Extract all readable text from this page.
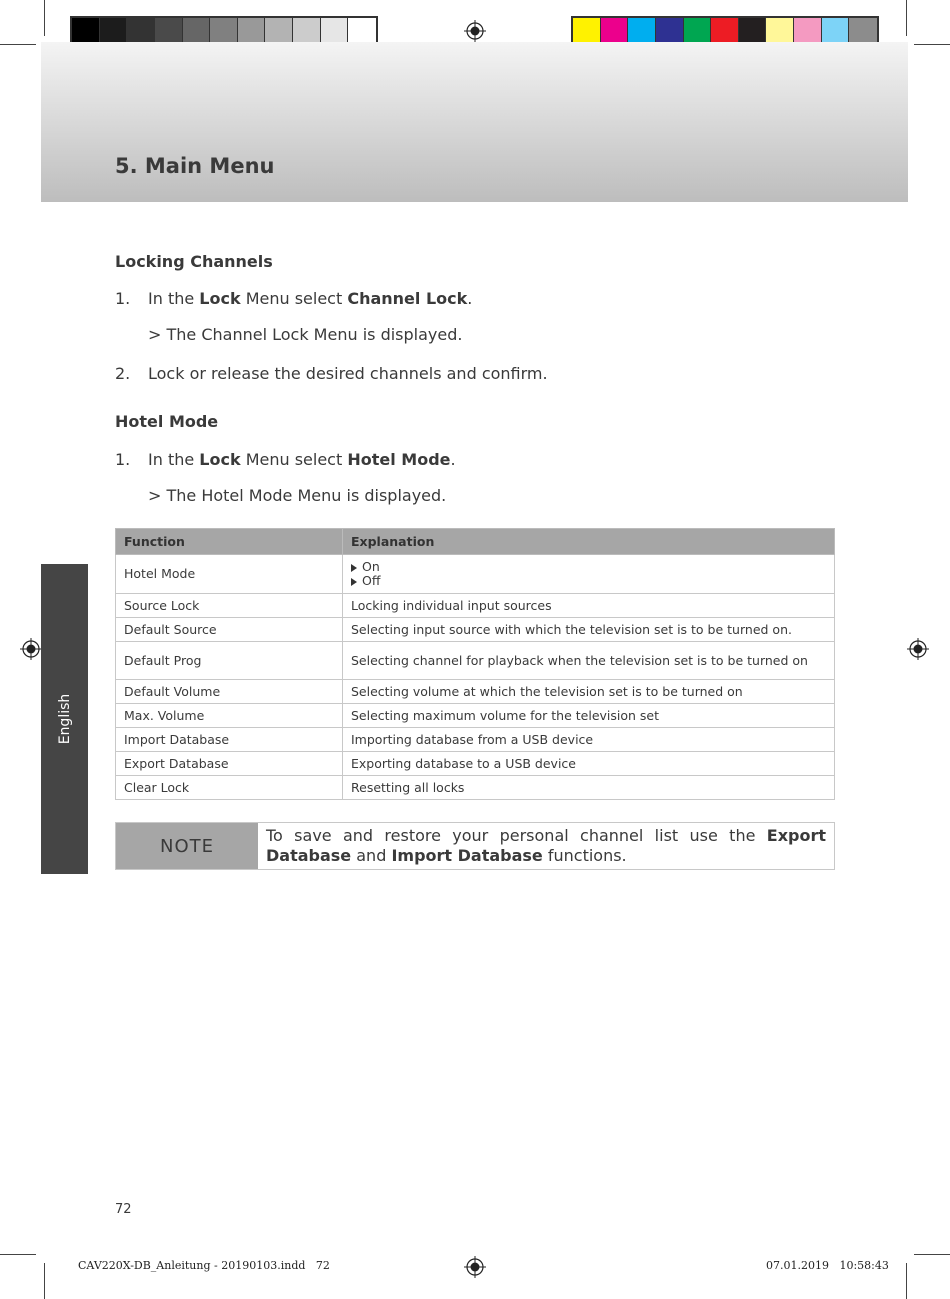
5. Main Menu
English
Locking Channels

1. In the Lock Menu select Channel Lock.

> The Channel Lock Menu is displayed.

2. Lock or release the desired channels and confirm.

Hotel Mode

1. In the Lock Menu select Hotel Mode.

> The Hotel Mode Menu is displayed.

Function	Explanation
Hotel Mode	On
Off

Source Lock	Locking individual input sources
Default Source	Selecting input source with which the television set is to be turned on.
Default Prog	Selecting channel for playback when the television set is to be turned on
Default Volume	Selecting volume at which the television set is to be turned on
Max. Volume	Selecting maximum volume for the television set
Import Database	Importing database from a USB device
Export Database	Exporting database to a USB device
Clear Lock	Resetting all locks
NOTE	To save and restore your personal channel list use the Export Database and Import Database functions.
72
CAV220X-DB_Anleitung - 20190103.indd   72	07.01.2019   10:58:43
